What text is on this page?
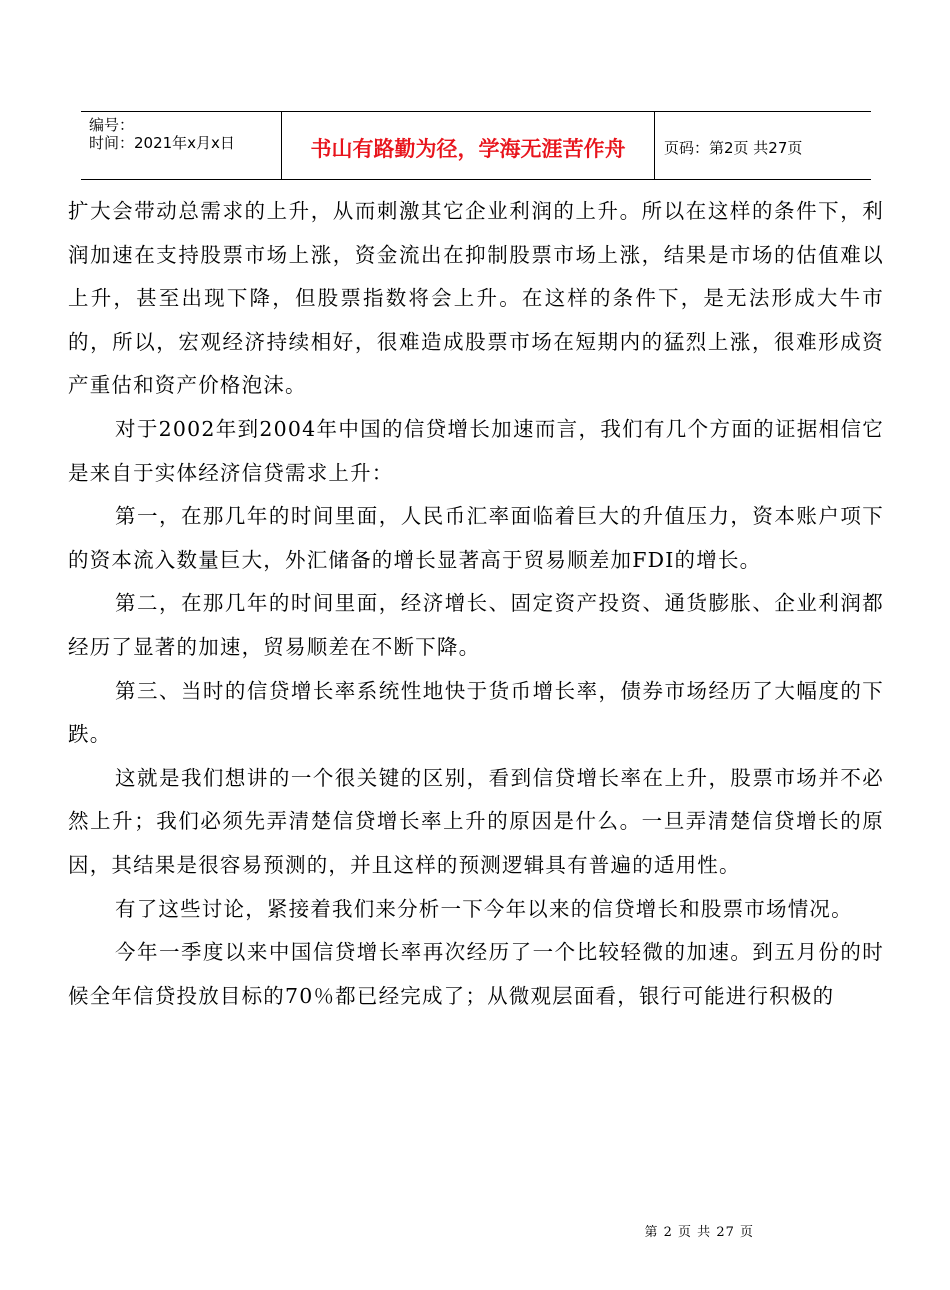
编号：
时间：2021年x月x日	书山有路勤为径，学海无涯苦作舟	页码：第2页 共27页

扩大会带动总需求的上升，从而刺激其它企业利润的上升。所以在这样的条件下，利润加速在支持股票市场上涨，资金流出在抑制股票市场上涨，结果是市场的估值难以上升，甚至出现下降，但股票指数将会上升。在这样的条件下，是无法形成大牛市的，所以，宏观经济持续相好，很难造成股票市场在短期内的猛烈上涨，很难形成资产重估和资产价格泡沫。

对于2002年到2004年中国的信贷增长加速而言，我们有几个方面的证据相信它是来自于实体经济信贷需求上升：

第一，在那几年的时间里面，人民币汇率面临着巨大的升值压力，资本账户项下的资本流入数量巨大，外汇储备的增长显著高于贸易顺差加FDI的增长。

第二，在那几年的时间里面，经济增长、固定资产投资、通货膨胀、企业利润都经历了显著的加速，贸易顺差在不断下降。

第三、当时的信贷增长率系统性地快于货币增长率，债券市场经历了大幅度的下跌。

这就是我们想讲的一个很关键的区别，看到信贷增长率在上升，股票市场并不必然上升；我们必须先弄清楚信贷增长率上升的原因是什么。一旦弄清楚信贷增长的原因，其结果是很容易预测的，并且这样的预测逻辑具有普遍的适用性。

有了这些讨论，紧接着我们来分析一下今年以来的信贷增长和股票市场情况。

今年一季度以来中国信贷增长率再次经历了一个比较轻微的加速。到五月份的时候全年信贷投放目标的70％都已经完成了；从微观层面看，银行可能进行积极的

第 2 页 共 27 页
